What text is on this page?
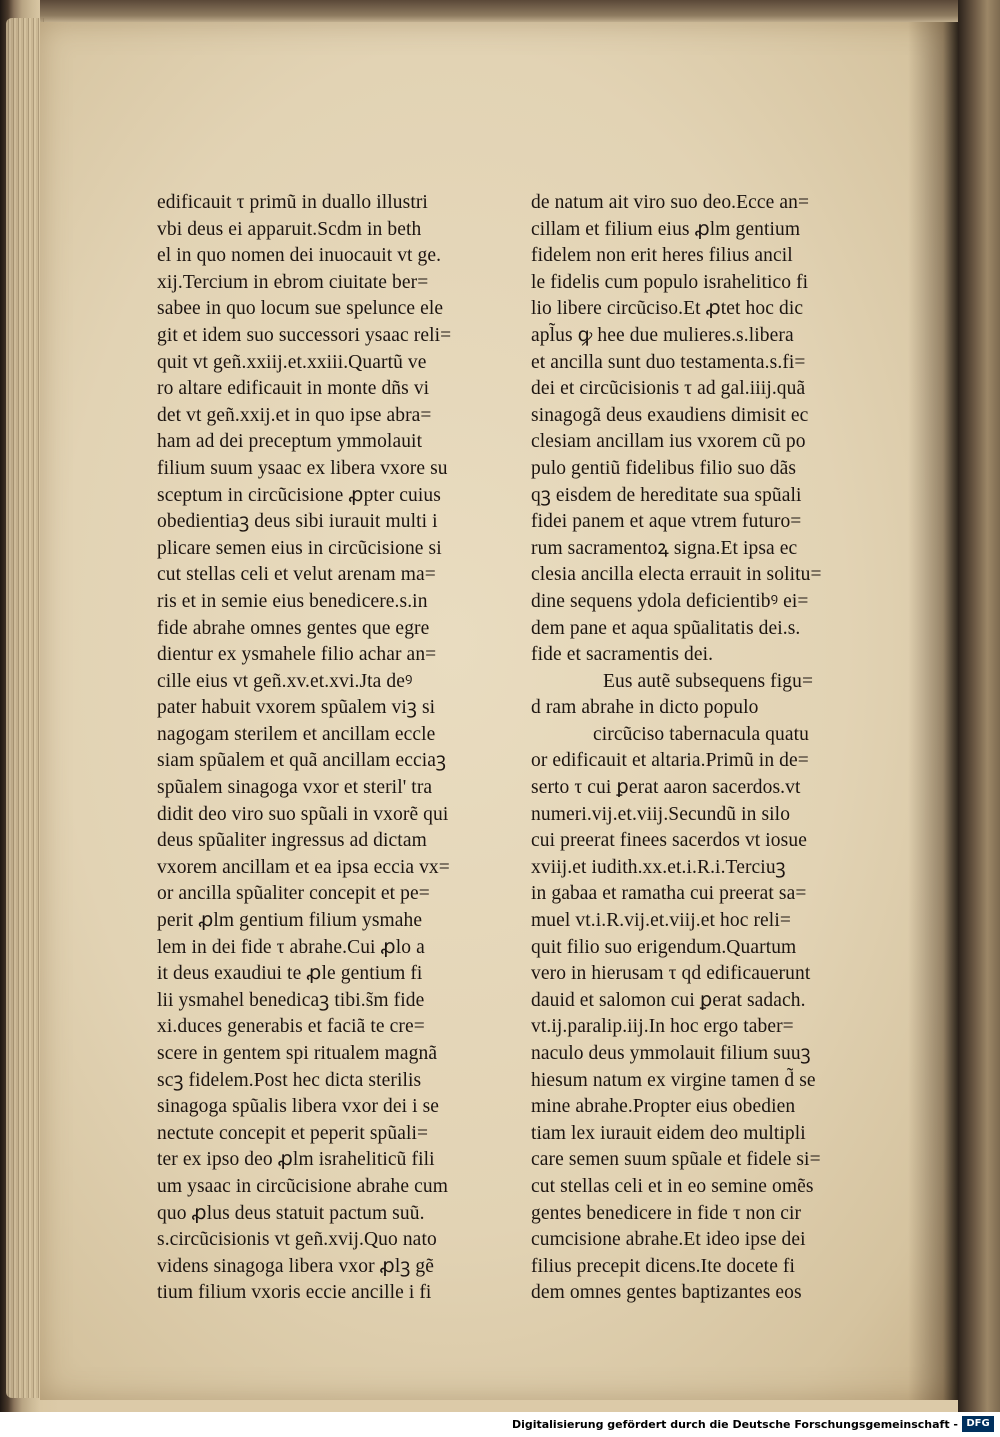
edificauit τ primũ in duallo illustri
vbi deus ei apparuit.Scdm in beth
el in quo nomen dei inuocauit vt ge.
xij.Tercium in ebrom ciuitate ber=
sabee in quo locum sue spelunce ele
git et idem suo successori ysaac reli=
quit vt geñ.xxiij.et.xxiii.Quartũ ve
ro altare edificauit in monte dñs vi
det vt geñ.xxij.et in quo ipse abra=
ham ad dei preceptum ymmolauit
filium suum ysaac ex libera vxore su
sceptum in circũcisione ꝓpter cuius
obedientiaꝫ deus sibi iurauit multi i
plicare semen eius in circũcisione si
cut stellas celi et velut arenam ma=
ris et in semie eius benedicere.s.in
fide abrahe omnes gentes que egre
dientur ex ysmahele filio achar an=
cille eius vt geñ.xv.et.xvi.Jta deꝰ
pater habuit vxorem spũalem viꝫ si
nagogam sterilem et ancillam eccle
siam spũalem et quã ancillam ecciaꝫ
spũalem sinagoga vxor et steril' tra
didit deo viro suo spũali in vxorẽ qui
deus spũaliter ingressus ad dictam
vxorem ancillam et ea ipsa eccia vx=
or ancilla spũaliter concepit et pe=
perit ꝓlm gentium filium ysmahe
lem in dei fide τ abrahe.Cui ꝓlo a
it deus exaudiui te ꝓle gentium fi
lii ysmahel benedicaꝫ tibi.s̃m fide
xi.duces generabis et faciã te cre=
scere in gentem spi ritualem magnã
scꝫ fidelem.Post hec dicta sterilis
sinagoga spũalis libera vxor dei i se
nectute concepit et peperit spũali=
ter ex ipso deo ꝓlm israheliticũ fili
um ysaac in circũcisione abrahe cum
quo ꝓlus deus statuit pactum suũ.
s.circũcisionis vt geñ.xvij.Quo nato
videns sinagoga libera vxor ꝓlꝫ gẽ
tium filium vxoris eccie ancille i fi
de natum ait viro suo deo.Ecce an=
cillam et filium eius ꝓlm gentium
fidelem non erit heres filius ancil
le fidelis cum populo israhelitico fi
lio libere circũciso.Et ꝓtet hoc dic
apl̃us ꝙ hee due mulieres.s.libera
et ancilla sunt duo testamenta.s.fi=
dei et circũcisionis τ ad gal.iiij.quã
sinagogã deus exaudiens dimisit ec
clesiam ancillam ius vxorem cũ po
pulo gentiũ fidelibus filio suo dãs
qꝫ eisdem de hereditate sua spũali
fidei panem et aque vtrem futuro=
rum sacramentoꝝ signa.Et ipsa ec
clesia ancilla electa errauit in solitu=
dine sequens ydola deficientibꝰ ei=
dem pane et aqua spũalitatis dei.s.
fide et sacramentis dei.
Eus autẽ subsequens figu=
d ram abrahe in dicto populo
circũciso tabernacula quatu
or edificauit et altaria.Primũ in de=
serto τ cui ꝑerat aaron sacerdos.vt
numeri.vij.et.viij.Secundũ in silo
cui preerat finees sacerdos vt iosue
xviij.et iudith.xx.et.i.R.i.Terciuꝫ
in gabaa et ramatha cui preerat sa=
muel vt.i.R.vij.et.viij.et hoc reli=
quit filio suo erigendum.Quartum
vero in hierusam τ qd edificauerunt
dauid et salomon cui ꝑerat sadach.
vt.ij.paralip.iij.In hoc ergo taber=
naculo deus ymmolauit filium suuꝫ
hiesum natum ex virgine tamen d̃ se
mine abrahe.Propter eius obedien
tiam lex iurauit eidem deo multipli
care semen suum spũale et fidele si=
cut stellas celi et in eo semine omẽs
gentes benedicere in fide τ non cir
cumcisione abrahe.Et ideo ipse dei
filius precepit dicens.Ite docete fi
dem omnes gentes baptizantes eos
Digitalisierung gefördert durch die Deutsche Forschungsgemeinschaft - DFG
